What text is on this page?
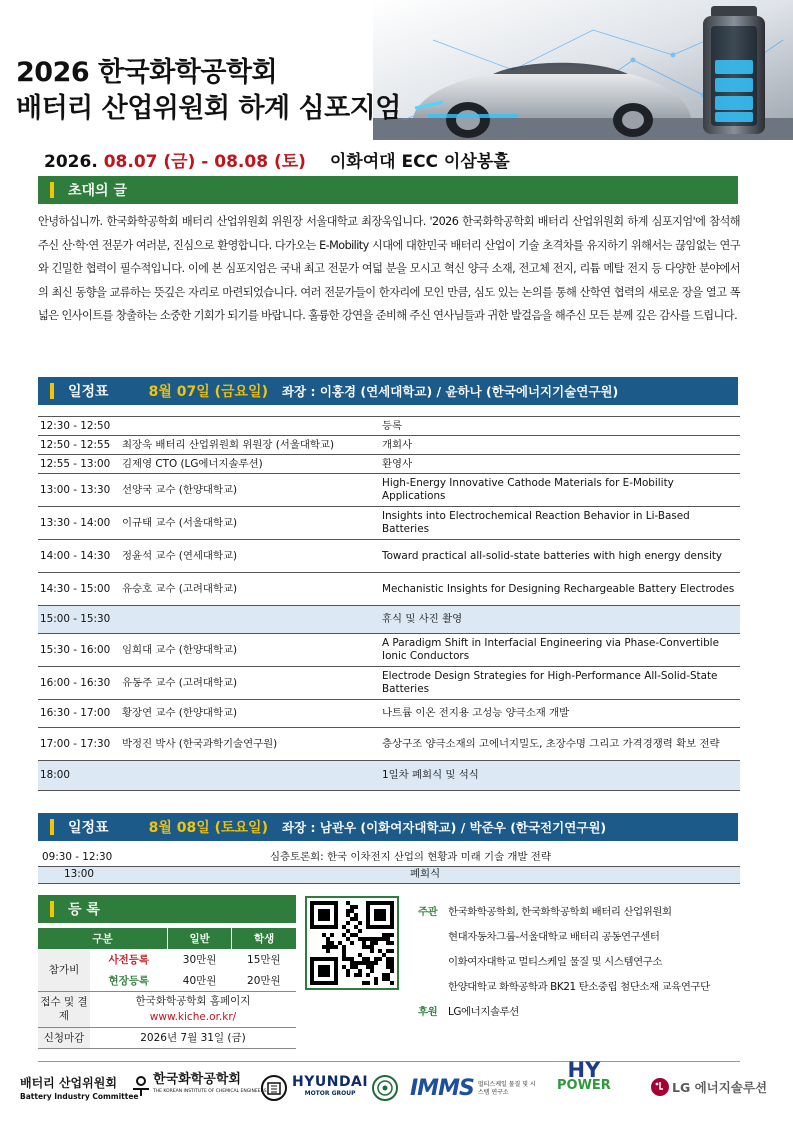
2026 한국화학공학회
배터리 산업위원회 하계 심포지엄
2026. 08.07 (금) - 08.08 (토) 이화여대 ECC 이삼봉홀
초대의 글
안녕하십니까. 한국화학공학회 배터리 산업위원회 위원장 서울대학교 최장욱입니다. '2026 한국화학공학회 배터리 산업위원회 하계 심포지엄'에 참석해 주신 산·학·연 전문가 여러분, 진심으로 환영합니다. 다가오는 E-Mobility 시대에 대한민국 배터리 산업이 기술 초격차를 유지하기 위해서는 끊임없는 연구와 긴밀한 협력이 필수적입니다. 이에 본 심포지엄은 국내 최고 전문가 여덟 분을 모시고 혁신 양극 소재, 전고체 전지, 리튬 메탈 전지 등 다양한 분야에서의 최신 동향을 교류하는 뜻깊은 자리로 마련되었습니다. 여러 전문가들이 한자리에 모인 만큼, 심도 있는 논의를 통해 산학연 협력의 새로운 장을 열고 폭넓은 인사이트를 창출하는 소중한 기회가 되기를 바랍니다. 훌륭한 강연을 준비해 주신 연사님들과 귀한 발걸음을 해주신 모든 분께 깊은 감사를 드립니다.
일정표	8월 07일 (금요일) 좌장 : 이홍경 (연세대학교) / 윤하나 (한국에너지기술연구원)
12:30 - 12:50		등록
12:50 - 12:55	최장욱 배터리 산업위원회 위원장 (서울대학교)	개회사
12:55 - 13:00	김제영 CTO (LG에너지솔루션)	환영사
13:00 - 13:30	선양국 교수 (한양대학교)	High-Energy Innovative Cathode Materials for E-Mobility Applications
13:30 - 14:00	이규태 교수 (서울대학교)	Insights into Electrochemical Reaction Behavior in Li-Based Batteries
14:00 - 14:30	정윤석 교수 (연세대학교)	Toward practical all-solid-state batteries with high energy density
14:30 - 15:00	유승호 교수 (고려대학교)	Mechanistic Insights for Designing Rechargeable Battery Electrodes
15:00 - 15:30		휴식 및 사진 촬영
15:30 - 16:00	임희대 교수 (한양대학교)	A Paradigm Shift in Interfacial Engineering via Phase-Convertible Ionic Conductors
16:00 - 16:30	유동주 교수 (고려대학교)	Electrode Design Strategies for High-Performance All-Solid-State Batteries
16:30 - 17:00	황장연 교수 (한양대학교)	나트륨 이온 전지용 고성능 양극소재 개발
17:00 - 17:30	박정진 박사 (한국과학기술연구원)	층상구조 양극소재의 고에너지밀도, 초장수명 그리고 가격경쟁력 확보 전략
18:00		1일차 폐회식 및 석식
일정표	8월 08일 (토요일) 좌장 : 남관우 (이화여자대학교) / 박준우 (한국전기연구원)
09:30 - 12:30	심층토론회: 한국 이차전지 산업의 현황과 미래 기술 개발 전략
13:00	폐회식
등 록
구분		일반	학생
참가비	사전등록	30만원	15만원
	현장등록	40만원	20만원
접수 및 결제	한국화학공학회 홈페이지
www.kiche.or.kr/		

신청마감	2026년 7월 31일 (금)		
주관 한국화학공학회, 한국화학공학회 배터리 산업위원회
현대자동차그룹-서울대학교 배터리 공동연구센터
이화여자대학교 멀티스케일 물질 및 시스템연구소
한양대학교 화학공학과 BK21 탄소중립 첨단소재 교육연구단
후원 LG에너지솔루션
배터리 산업위원회
Battery Industry Committee
한국화학공학회
THE KOREAN INSTITUTE OF CHEMICAL ENGINEERS
HYUNDAI
MOTOR GROUP IMMS 멀티스케일 물질 및 시스템 연구소
HY
POWER	LG 에너지솔루션
